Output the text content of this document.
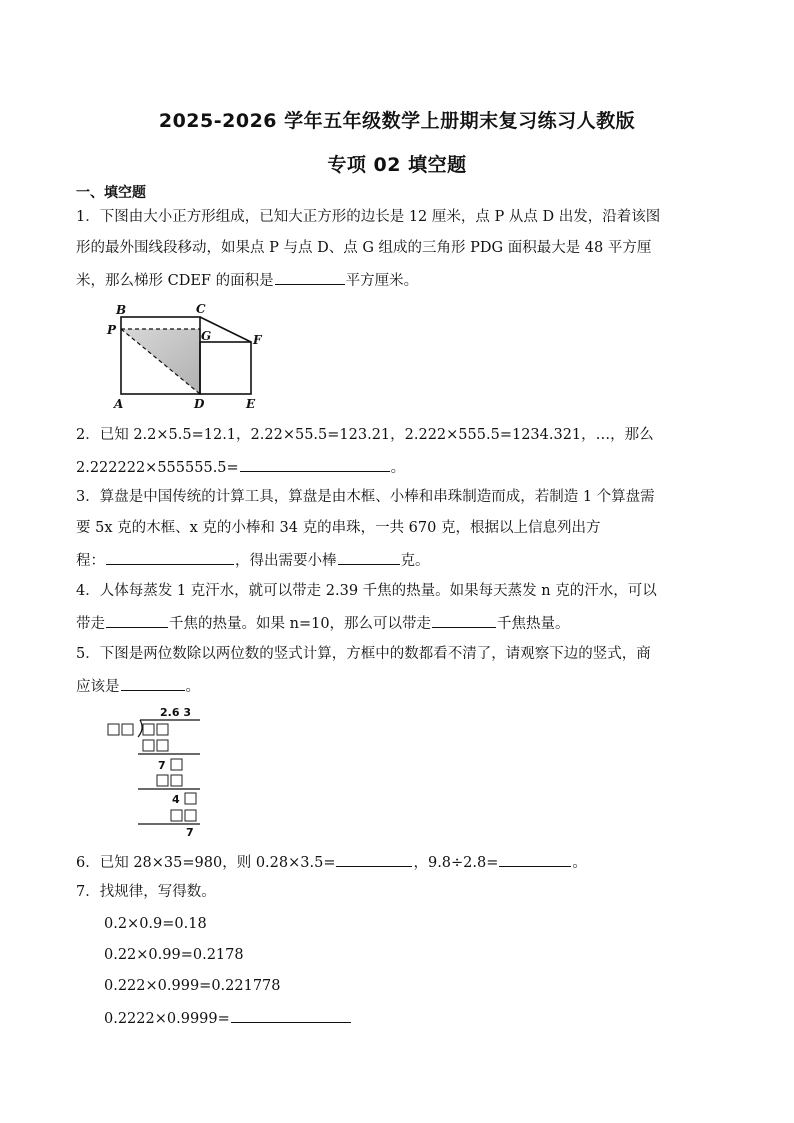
2025-2026 学年五年级数学上册期末复习练习人教版
专项 02 填空题
一、填空题
1．下图由大小正方形组成，已知大正方形的边长是 12 厘米，点 P 从点 D 出发，沿着该图
形的最外围线段移动，如果点 P 与点 D、点 G 组成的三角形 PDG 面积最大是 48 平方厘
米，那么梯形 CDEF 的面积是	平方厘米。
B	C
P	G	F
A	D	E
2．已知 2.2×5.5=12.1，2.22×55.5=123.21，2.222×555.5=1234.321，…，那么
2.222222×555555.5=	。
3．算盘是中国传统的计算工具，算盘是由木框、小棒和串珠制造而成，若制造 1 个算盘需
要 5x 克的木框、x 克的小棒和 34 克的串珠，一共 670 克，根据以上信息列出方
程：	，得出需要小棒	克。
4．人体每蒸发 1 克汗水，就可以带走 2.39 千焦的热量。如果每天蒸发 n 克的汗水，可以
带走	千焦的热量。如果 n=10，那么可以带走	千焦热量。
5．下图是两位数除以两位数的竖式计算，方框中的数都看不清了，请观察下边的竖式，商
应该是	。
2.6 3
7
4
7
6．已知 28×35=980，则 0.28×3.5=	，9.8÷2.8=	。
7．找规律，写得数。
0.2×0.9=0.18
0.22×0.99=0.2178
0.222×0.999=0.221778
0.2222×0.9999=
